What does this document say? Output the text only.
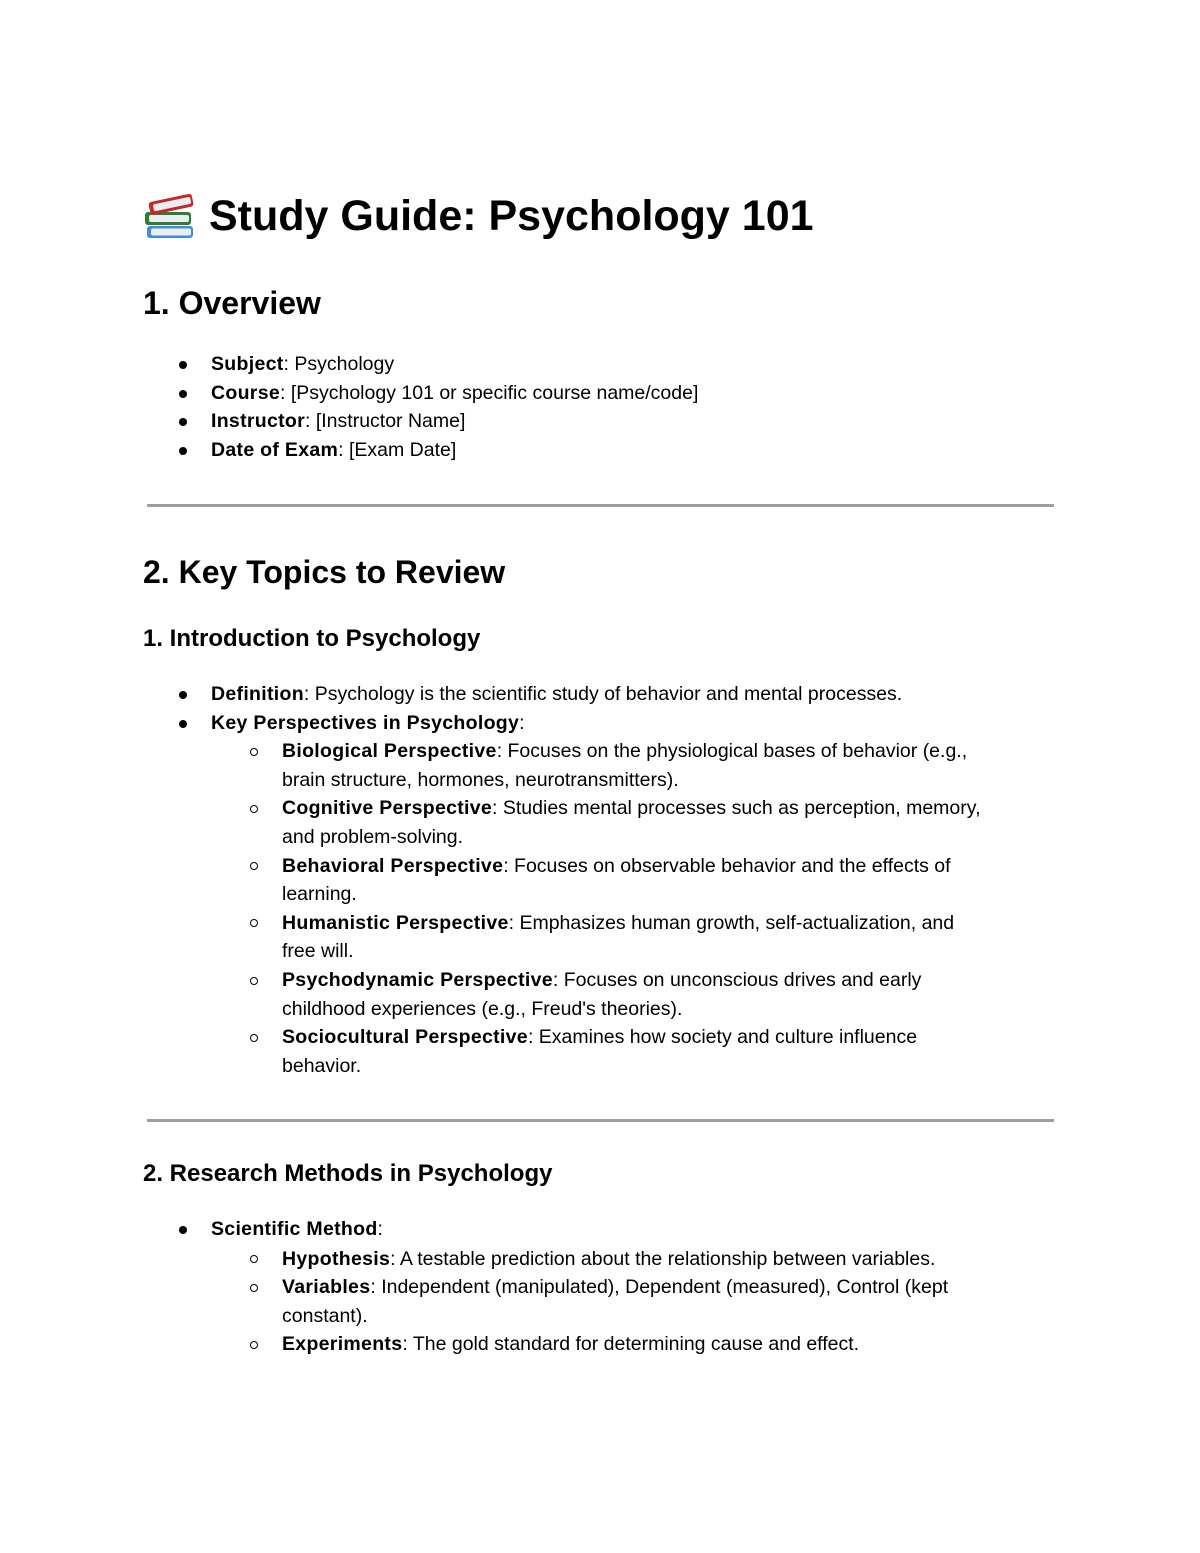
Study Guide: Psychology 101
1. Overview
Subject: Psychology
Course: [Psychology 101 or specific course name/code]
Instructor: [Instructor Name]
Date of Exam: [Exam Date]
2. Key Topics to Review
1. Introduction to Psychology
Definition: Psychology is the scientific study of behavior and mental processes.
Key Perspectives in Psychology:
Biological Perspective: Focuses on the physiological bases of behavior (e.g.,
brain structure, hormones, neurotransmitters).
Cognitive Perspective: Studies mental processes such as perception, memory,
and problem-solving.
Behavioral Perspective: Focuses on observable behavior and the effects of
learning.
Humanistic Perspective: Emphasizes human growth, self-actualization, and
free will.
Psychodynamic Perspective: Focuses on unconscious drives and early
childhood experiences (e.g., Freud's theories).
Sociocultural Perspective: Examines how society and culture influence
behavior.
2. Research Methods in Psychology
Scientific Method:
Hypothesis: A testable prediction about the relationship between variables.
Variables: Independent (manipulated), Dependent (measured), Control (kept
constant).
Experiments: The gold standard for determining cause and effect.
